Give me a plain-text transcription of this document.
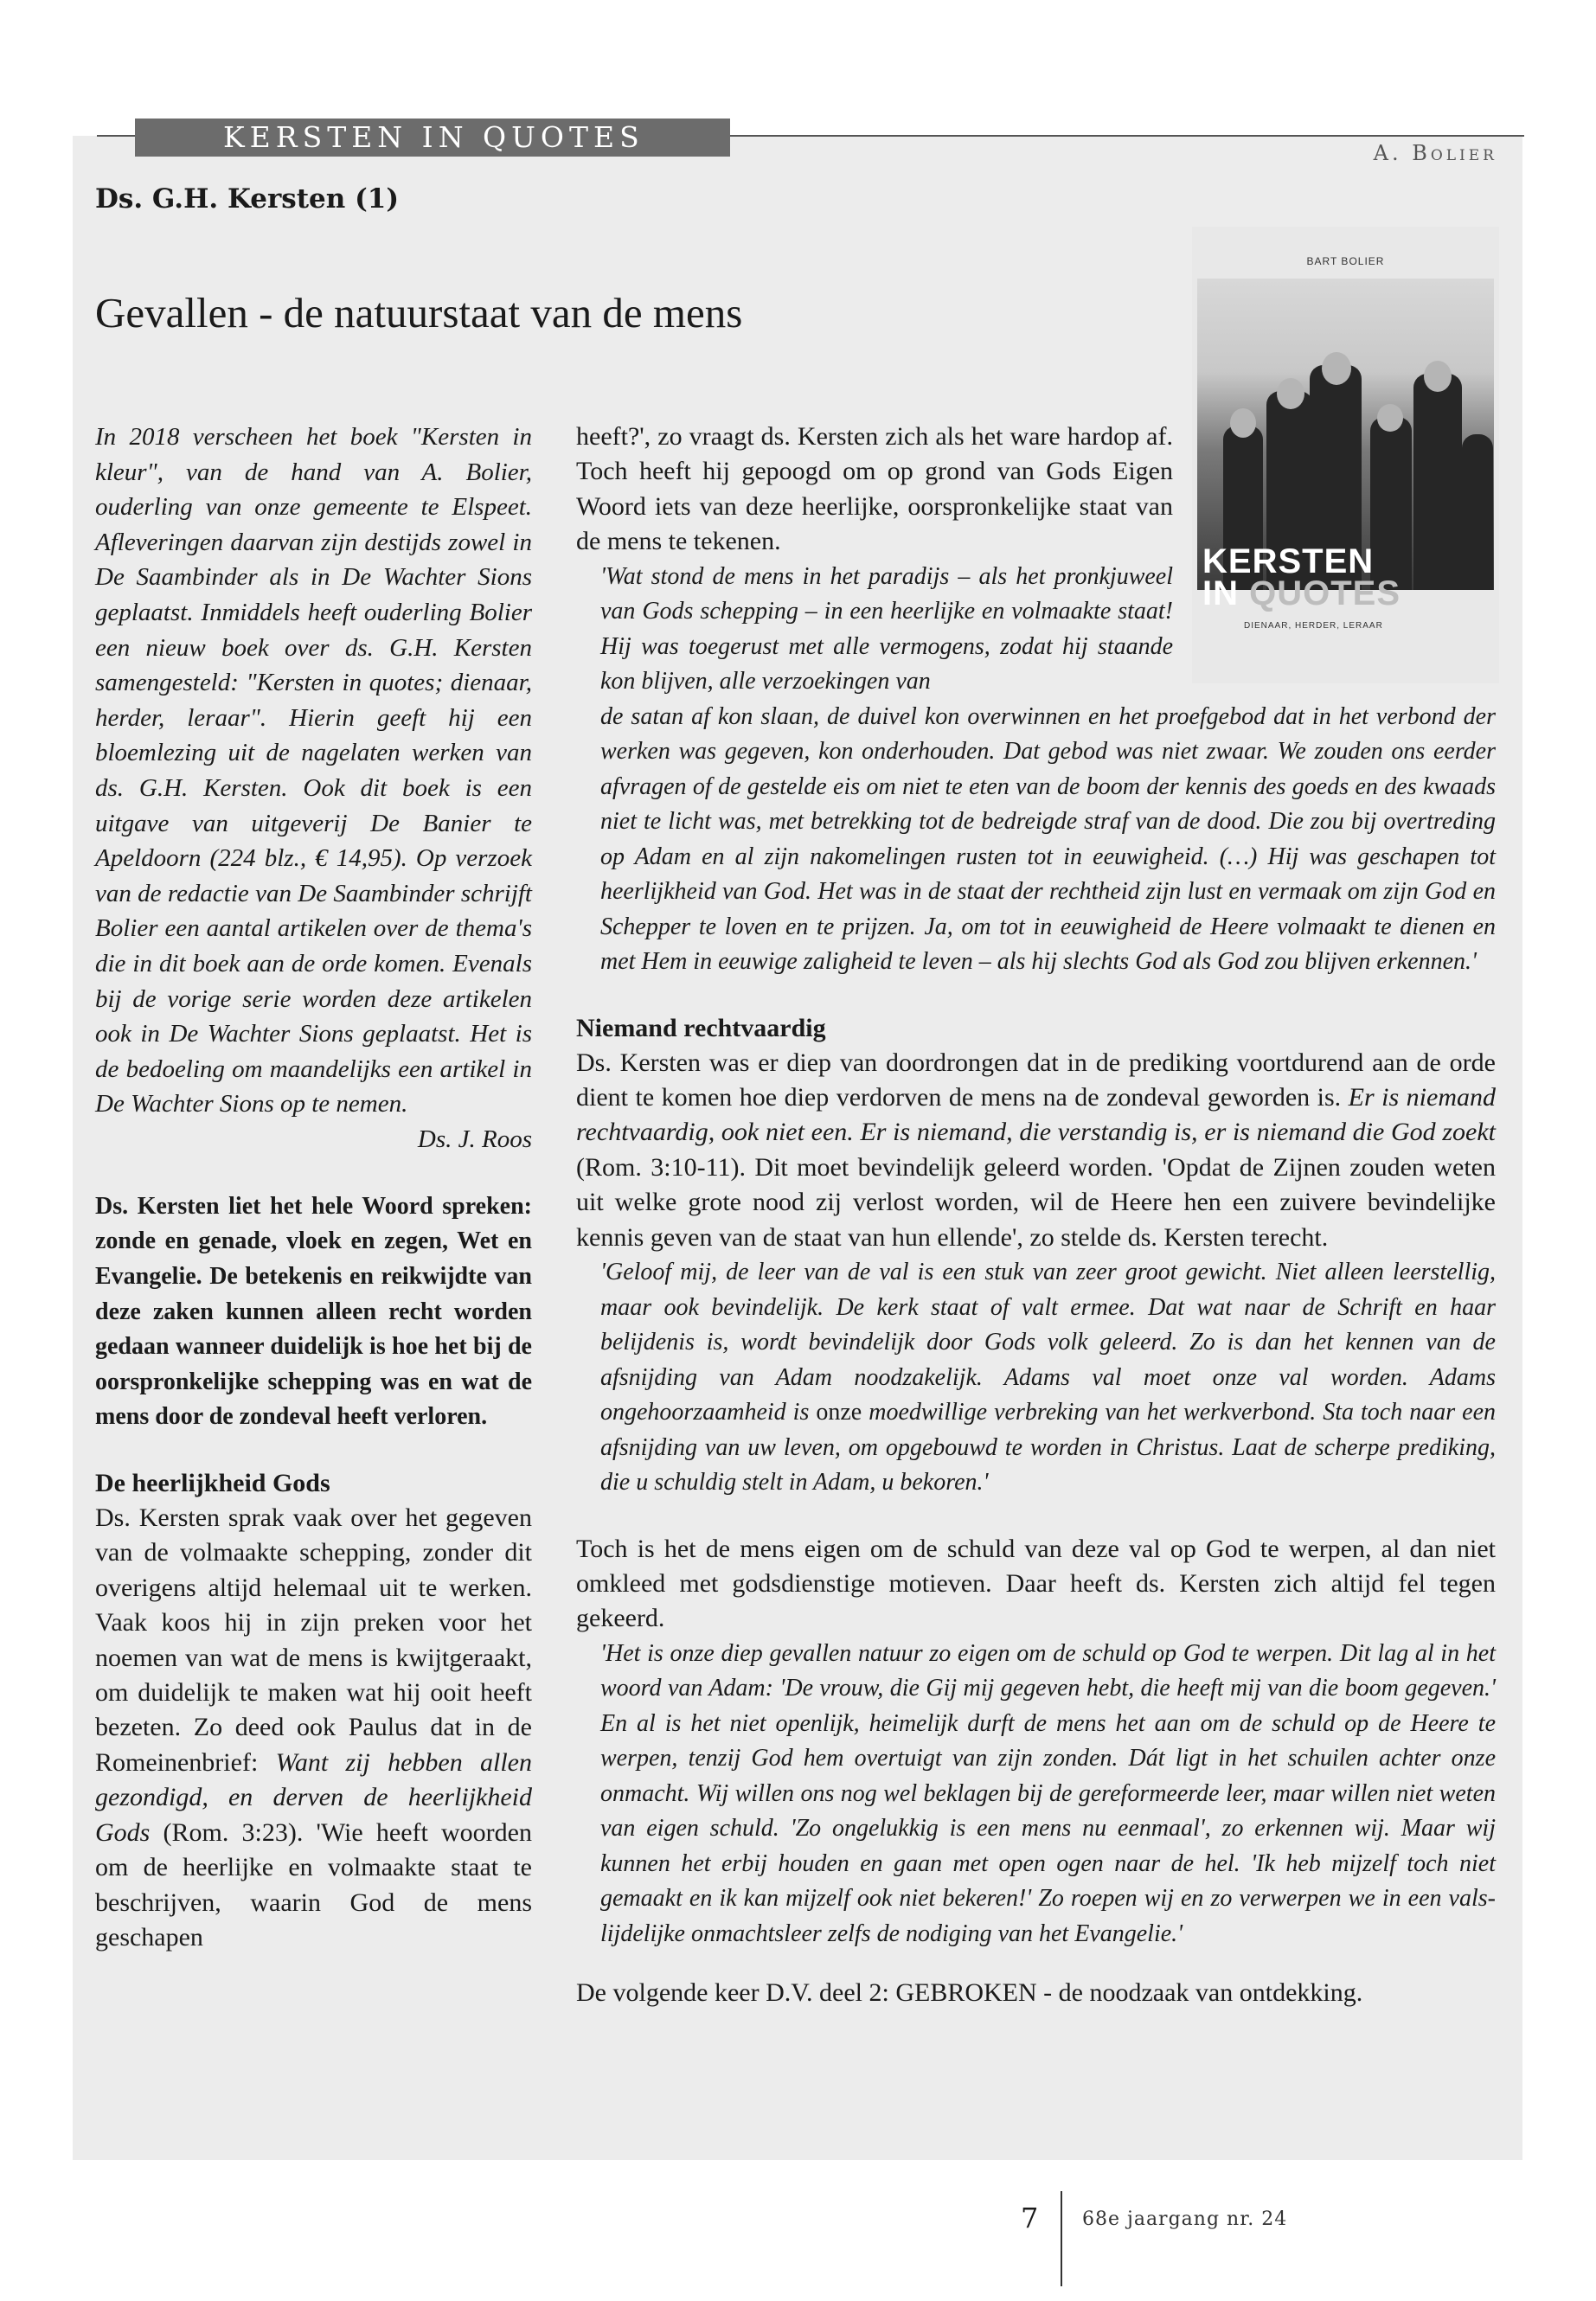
KERSTEN IN QUOTES	A. Bolier
Ds. G.H. Kersten (1)
Gevallen - de natuurstaat van de mens
BART BOLIER
KERSTEN
IN QUOTES
DIENAAR, HERDER, LERAAR

In 2018 verscheen het boek "Kersten in kleur", van de hand van A. Bolier, ouderling van onze gemeente te Elspeet. Afleveringen daarvan zijn destijds zowel in De Saambinder als in De Wachter Sions geplaatst. Inmiddels heeft ouderling Bolier een nieuw boek over ds. G.H. Kersten samengesteld: "Kersten in quotes; dienaar, herder, leraar". Hierin geeft hij een bloemlezing uit de nagelaten werken van ds. G.H. Kersten. Ook dit boek is een uitgave van uitgeverij De Banier te Apeldoorn (224 blz., € 14,95). Op verzoek van de redactie van De Saambinder schrijft Bolier een aantal artikelen over de thema's die in dit boek aan de orde komen. Evenals bij de vorige serie worden deze artikelen ook in De Wachter Sions geplaatst. Het is de bedoeling om maandelijks een artikel in De Wachter Sions op te nemen.

Ds. J. Roos

Ds. Kersten liet het hele Woord spreken: zonde en genade, vloek en zegen, Wet en Evangelie. De betekenis en reikwijdte van deze zaken kunnen alleen recht worden gedaan wanneer duidelijk is hoe het bij de oorspronkelijke schepping was en wat de mens door de zondeval heeft verloren.

De heerlijkheid Gods

Ds. Kersten sprak vaak over het gegeven van de volmaakte schepping, zonder dit overigens altijd helemaal uit te werken. Vaak koos hij in zijn preken voor het noemen van wat de mens is kwijtgeraakt, om duidelijk te maken wat hij ooit heeft bezeten. Zo deed ook Paulus dat in de Romeinenbrief: Want zij hebben allen gezondigd, en derven de heerlijkheid Gods (Rom. 3:23). 'Wie heeft woorden om de heerlijke en volmaakte staat te beschrijven, waarin God de mens geschapen

heeft?', zo vraagt ds. Kersten zich als het ware hardop af. Toch heeft hij gepoogd om op grond van Gods Eigen Woord iets van deze heerlijke, oorspronkelijke staat van de mens te tekenen.

'Wat stond de mens in het paradijs – als het pronkjuweel van Gods schepping – in een heerlijke en volmaakte staat! Hij was toegerust met alle vermogens, zodat hij staande kon blijven, alle verzoekingen van

de satan af kon slaan, de duivel kon overwinnen en het proefgebod dat in het verbond der werken was gegeven, kon onderhouden. Dat gebod was niet zwaar. We zouden ons eerder afvragen of de gestelde eis om niet te eten van de boom der kennis des goeds en des kwaads niet te licht was, met betrekking tot de bedreigde straf van de dood. Die zou bij overtreding op Adam en al zijn nakomelingen rusten tot in eeuwigheid. (…) Hij was geschapen tot heerlijkheid van God. Het was in de staat der rechtheid zijn lust en vermaak om zijn God en Schepper te loven en te prijzen. Ja, om tot in eeuwigheid de Heere volmaakt te dienen en met Hem in eeuwige zaligheid te leven – als hij slechts God als God zou blijven erkennen.'

Niemand rechtvaardig

Ds. Kersten was er diep van doordrongen dat in de prediking voortdurend aan de orde dient te komen hoe diep verdorven de mens na de zondeval geworden is. Er is niemand rechtvaardig, ook niet een. Er is niemand, die verstandig is, er is niemand die God zoekt (Rom. 3:10-11). Dit moet bevindelijk geleerd worden. 'Opdat de Zijnen zouden weten uit welke grote nood zij verlost worden, wil de Heere hen een zuivere bevindelijke kennis geven van de staat van hun ellende', zo stelde ds. Kersten terecht.

'Geloof mij, de leer van de val is een stuk van zeer groot gewicht. Niet alleen leerstellig, maar ook bevindelijk. De kerk staat of valt ermee. Dat wat naar de Schrift en haar belijdenis is, wordt bevindelijk door Gods volk geleerd. Zo is dan het kennen van de afsnijding van Adam noodzakelijk. Adams val moet onze val worden. Adams ongehoorzaamheid is onze moedwillige verbreking van het werkverbond. Sta toch naar een afsnijding van uw leven, om opgebouwd te worden in Christus. Laat de scherpe prediking, die u schuldig stelt in Adam, u bekoren.'

Toch is het de mens eigen om de schuld van deze val op God te werpen, al dan niet omkleed met godsdienstige motieven. Daar heeft ds. Kersten zich altijd fel tegen gekeerd.

'Het is onze diep gevallen natuur zo eigen om de schuld op God te werpen. Dit lag al in het woord van Adam: 'De vrouw, die Gij mij gegeven hebt, die heeft mij van die boom gegeven.' En al is het niet openlijk, heimelijk durft de mens het aan om de schuld op de Heere te werpen, tenzij God hem overtuigt van zijn zonden. Dát ligt in het schuilen achter onze onmacht. Wij willen ons nog wel beklagen bij de gereformeerde leer, maar willen niet weten van eigen schuld. 'Zo ongelukkig is een mens nu eenmaal', zo erkennen wij. Maar wij kunnen het erbij houden en gaan met open ogen naar de hel. 'Ik heb mijzelf toch niet gemaakt en ik kan mijzelf ook niet bekeren!' Zo roepen wij en zo verwerpen we in een vals-lijdelijke onmachtsleer zelfs de nodiging van het Evangelie.'

De volgende keer D.V. deel 2: GEBROKEN - de noodzaak van ontdekking.

7 68e jaargang nr. 24
